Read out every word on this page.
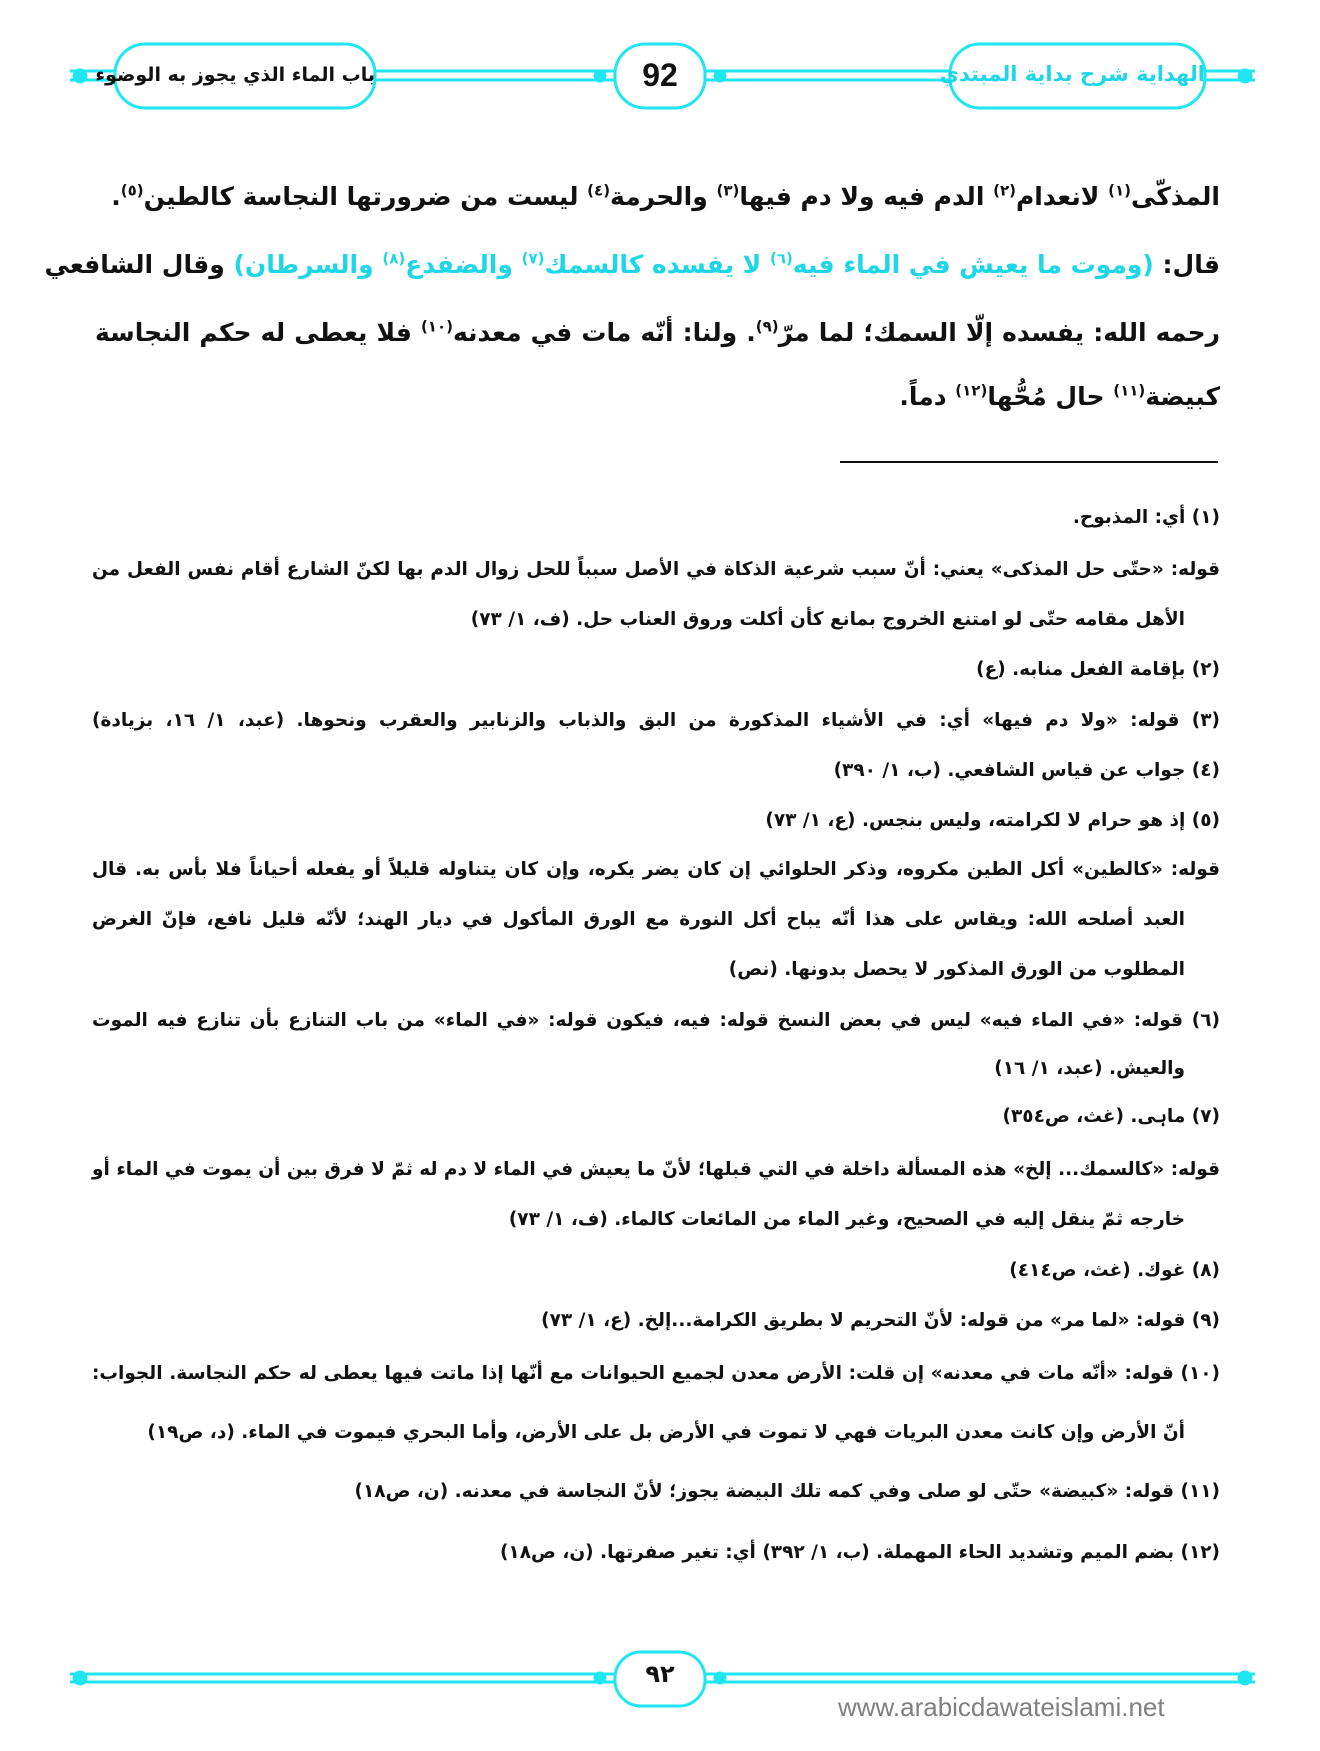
باب الماء الذي يجوز به الوضوء	92	الهداية شرح بداية المبتدي
المذكّى$^{(١)}$ لانعدام$^{(٢)}$ الدم فيه ولا دم فيها$^{(٣)}$ والحرمة$^{(٤)}$ ليست من ضرورتها النجاسة كالطين$^{(٥)}$.
قال: (وموت ما يعيش في الماء فيه$^{(٦)}$ لا يفسده كالسمك$^{(٧)}$ والضفدع$^{(٨)}$ والسرطان) وقال الشافعي
رحمه الله: يفسده إلّا السمك؛ لما مرّ$^{(٩)}$. ولنا: أنّه مات في معدنه$^{(١٠)}$ فلا يعطى له حكم النجاسة
كبيضة$^{(١١)}$ حال مُحُّها$^{(١٢)}$ دماً.
(١) أي: المذبوح.
قوله: «حتّى حل المذكى» يعني: أنّ سبب شرعية الذكاة في الأصل سبباً للحل زوال الدم بها لكنّ الشارع أقام نفس الفعل من
الأهل مقامه حتّى لو امتنع الخروج بمانع كأن أكلت وروق العناب حل. (ف، ١/ ٧٣)
(٢) بإقامة الفعل منابه. (ع)
(٣) قوله: «ولا دم فيها» أي: في الأشياء المذكورة من البق والذباب والزنابير والعقرب ونحوها. (عبد، ١/ ١٦، بزيادة)
(٤) جواب عن قياس الشافعي. (ب، ١/ ٣٩٠)
(٥) إذ هو حرام لا لكرامته، وليس بنجس. (ع، ١/ ٧٣)
قوله: «كالطين» أكل الطين مكروه، وذكر الحلوائي إن كان يضر يكره، وإن كان يتناوله قليلاً أو يفعله أحياناً فلا بأس به. قال
العبد أصلحه الله: ويقاس على هذا أنّه يباح أكل النورة مع الورق المأكول في ديار الهند؛ لأنّه قليل نافع، فإنّ الغرض
المطلوب من الورق المذكور لا يحصل بدونها. (نص)
(٦) قوله: «في الماء فيه» ليس في بعض النسخ قوله: فيه، فيكون قوله: «في الماء» من باب التنازع بأن تنازع فيه الموت
والعيش. (عبد، ١/ ١٦)
(٧) ماہی. (غث، ص٣٥٤)
قوله: «كالسمك... إلخ» هذه المسألة داخلة في التي قبلها؛ لأنّ ما يعيش في الماء لا دم له ثمّ لا فرق بين أن يموت في الماء أو
خارجه ثمّ ينقل إليه في الصحيح، وغير الماء من المائعات كالماء. (ف، ١/ ٧٣)
(٨) غوك. (غث، ص٤١٤)
(٩) قوله: «لما مر» من قوله: لأنّ التحريم لا بطريق الكرامة...إلخ. (ع، ١/ ٧٣)
(١٠) قوله: «أنّه مات في معدنه» إن قلت: الأرض معدن لجميع الحيوانات مع أنّها إذا ماتت فيها يعطى له حكم النجاسة. الجواب:
أنّ الأرض وإن كانت معدن البريات فهي لا تموت في الأرض بل على الأرض، وأما البحري فيموت في الماء. (د، ص١٩)
(١١) قوله: «كبيضة» حتّى لو صلى وفي كمه تلك البيضة يجوز؛ لأنّ النجاسة في معدنه. (ن، ص١٨)
(١٢) بضم الميم وتشديد الحاء المهملة. (ب، ١/ ٣٩٢) أي: تغير صفرتها. (ن، ص١٨)
٩٢
www.arabicdawateislami.net
